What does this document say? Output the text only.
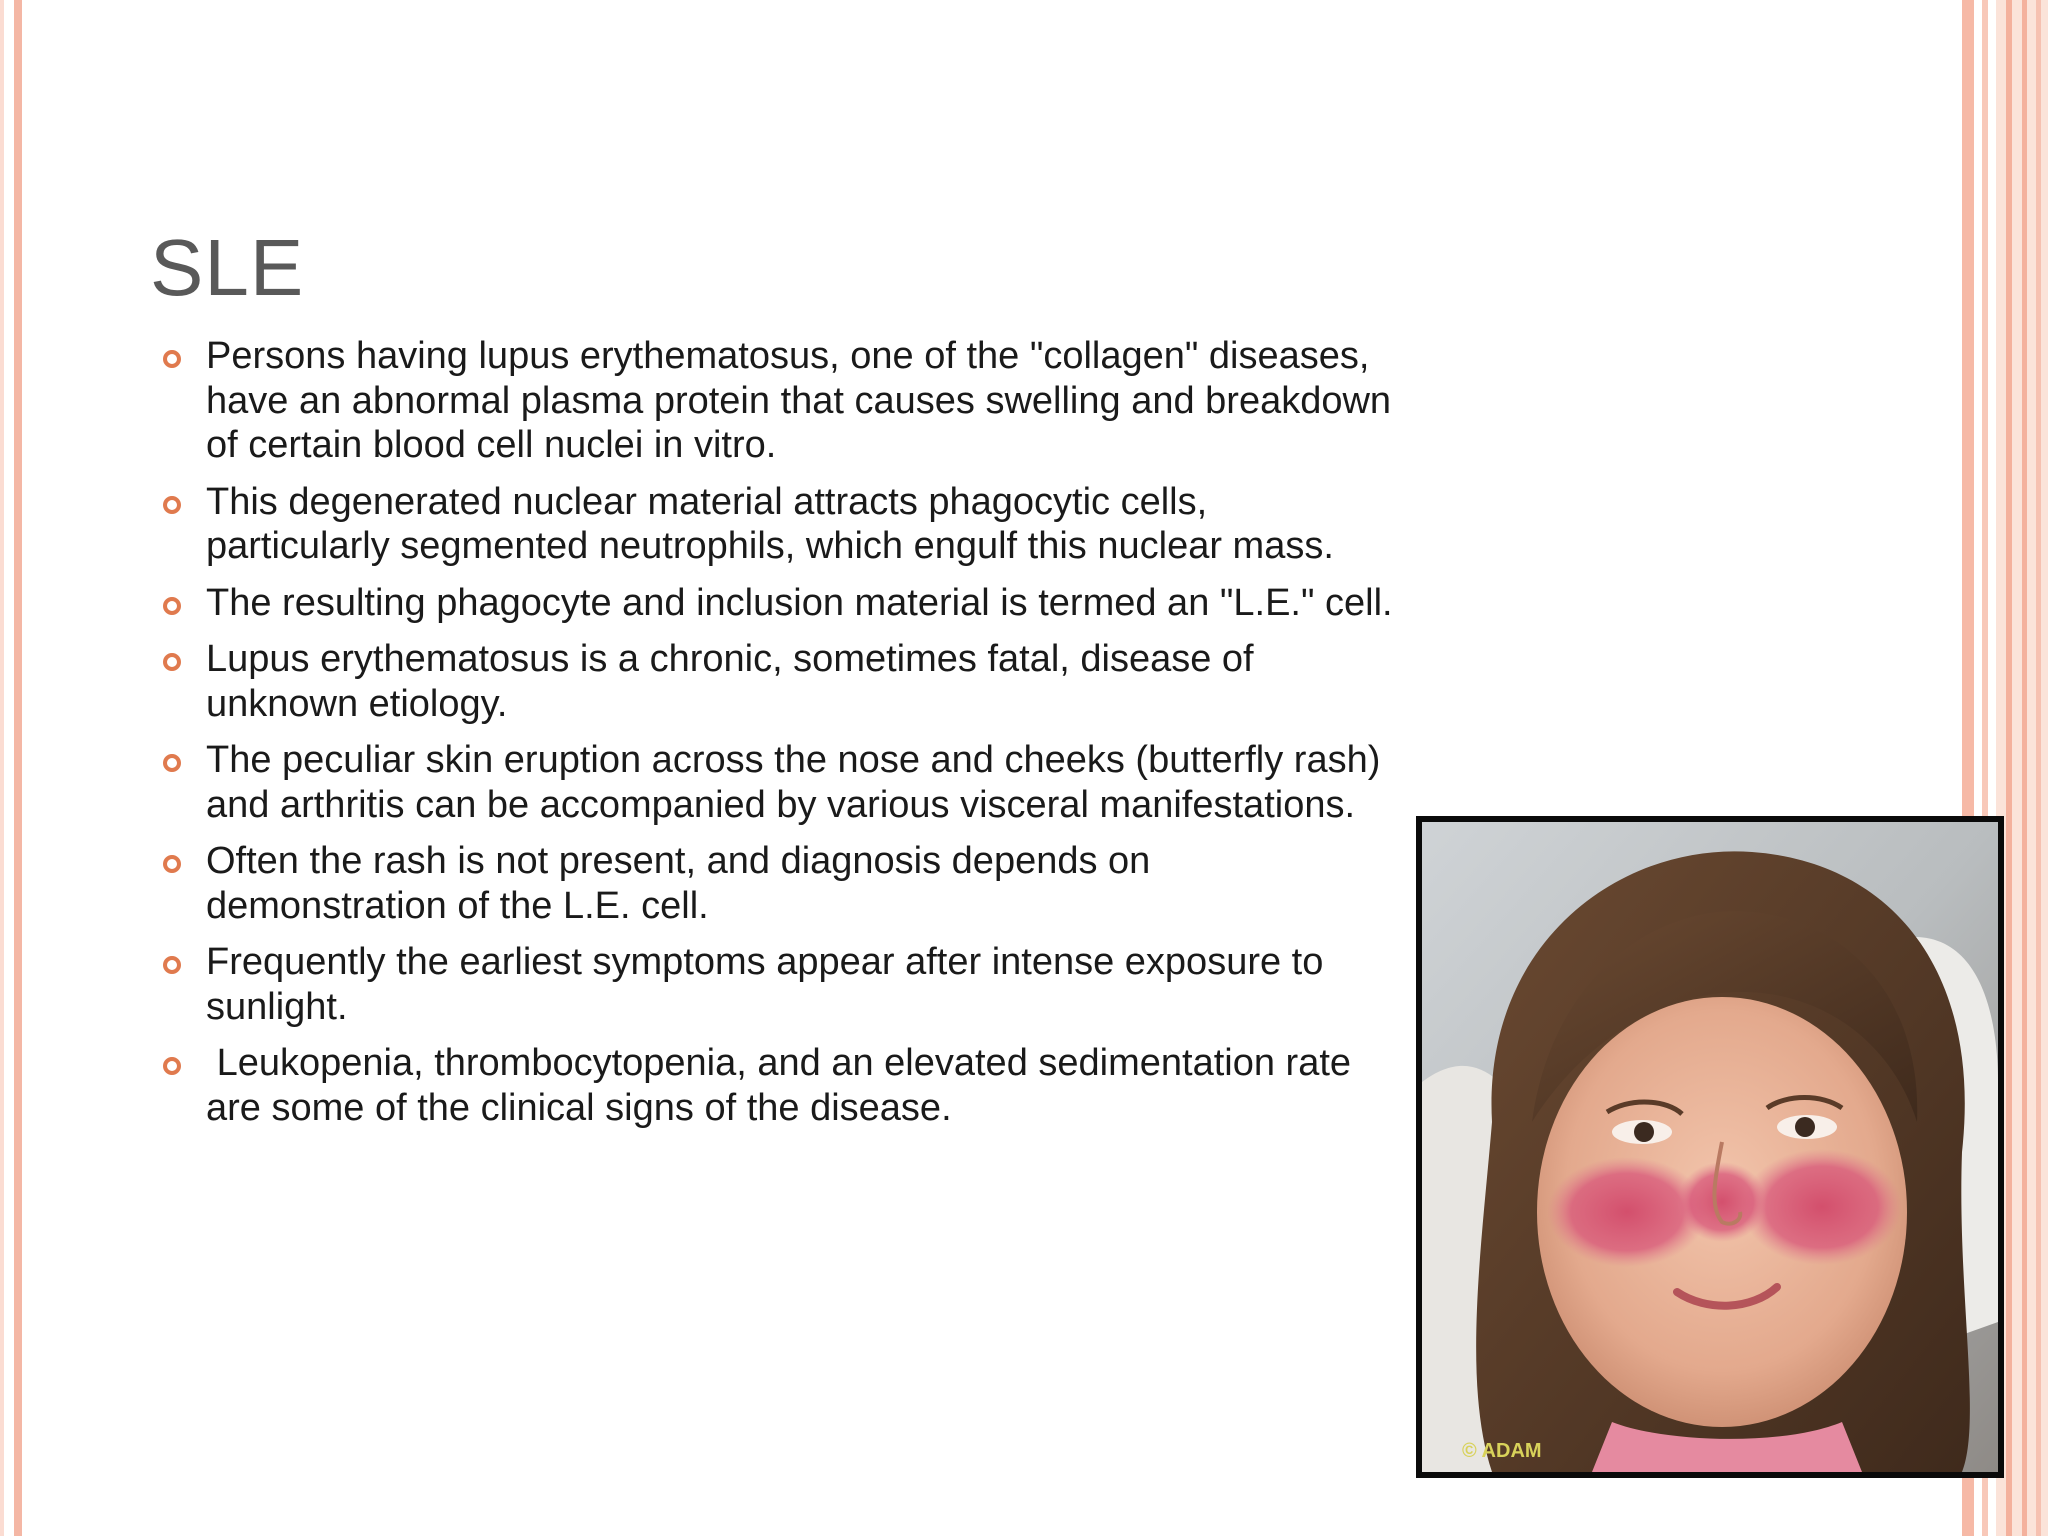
SLE
Persons having lupus erythematosus, one of the "collagen" diseases, have an abnormal plasma protein that causes swelling and breakdown of certain blood cell nuclei in vitro.
This degenerated nuclear material attracts phagocytic cells, particularly segmented neutrophils, which engulf this nuclear mass.
The resulting phagocyte and inclusion material is termed an "L.E." cell.
Lupus erythematosus is a chronic, sometimes fatal, disease of unknown etiology.
The peculiar skin eruption across the nose and cheeks (butterfly rash) and arthritis can be accompanied by various visceral manifestations.
Often the rash is not present, and diagnosis depends on demonstration of the L.E. cell.
Frequently the earliest symptoms appear after intense exposure to sunlight.
Leukopenia, thrombocytopenia, and an elevated sedimentation rate are some of the clinical signs of the disease.
© ADAM
